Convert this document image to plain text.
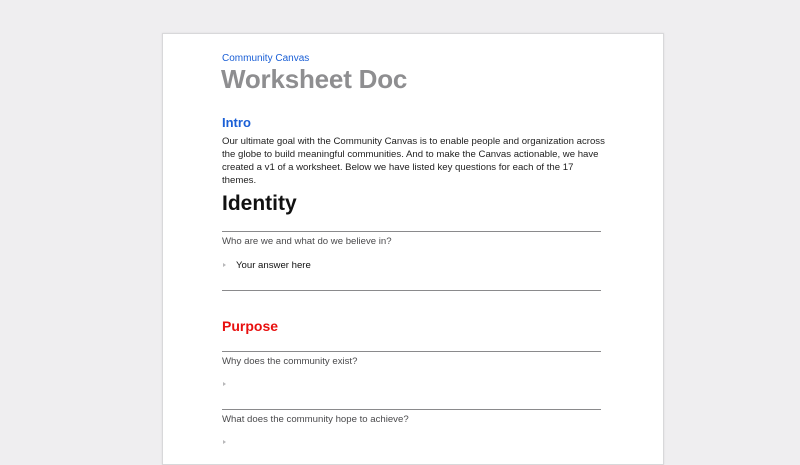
Community Canvas
Worksheet Doc
Intro
Our ultimate goal with the Community Canvas is to enable people and organization across the globe to build meaningful communities. And to make the Canvas actionable, we have created a v1 of a worksheet. Below we have listed key questions for each of the 17 themes.
Identity
Who are we and what do we believe in?
Your answer here
Purpose
Why does the community exist?
What does the community hope to achieve?
